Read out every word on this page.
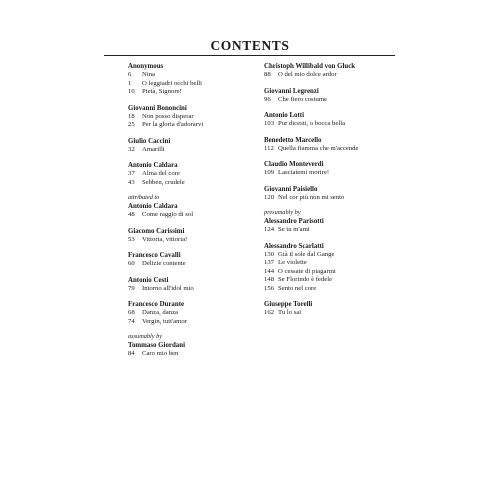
CONTENTS
Anonymous
6 Nina
1 O leggiadri occhi belli
10 Pietà, Signore!
Giovanni Bononcini
18 Non posso disperar
25 Per la gloria d'adorarvi
Giulio Caccini
32 Amarilli
Antonio Caldara
37 Alma del core
43 Sebben, crudele
attributed to
Antonio Caldara
48 Come raggio di sol
Giacomo Carissimi
53 Vittoria, vittoria!
Francesco Cavalli
60 Delizie contente
Antonio Cesti
79 Intorno all'idol mio
Francesco Durante
68 Danza, danza
74 Vergin, tutt'amor
assumably by
Tommaso Giordani
84 Caro mio ben
Christoph Willibald von Gluck
88 O del mio dolce ardor
Giovanni Legrenzi
96 Che fiero costume
Antonio Lotti
103 Pur dicesti, o bocca bella
Benedetto Marcello
112 Quella fiamma che m'accende
Claudio Monteverdi
109 Lasciatemi morire!
Giovanni Paisiello
120 Nel cor più non mi sento
presumably by
Alessandro Parisotti
124 Se tu m'ami
Alessandro Scarlatti
130 Già il sole dal Gange
137 Le violette
144 O cessate di piagarmi
148 Se Florindo è fedele
156 Sento nel core
Giuseppe Torelli
162 Tu lo sai
